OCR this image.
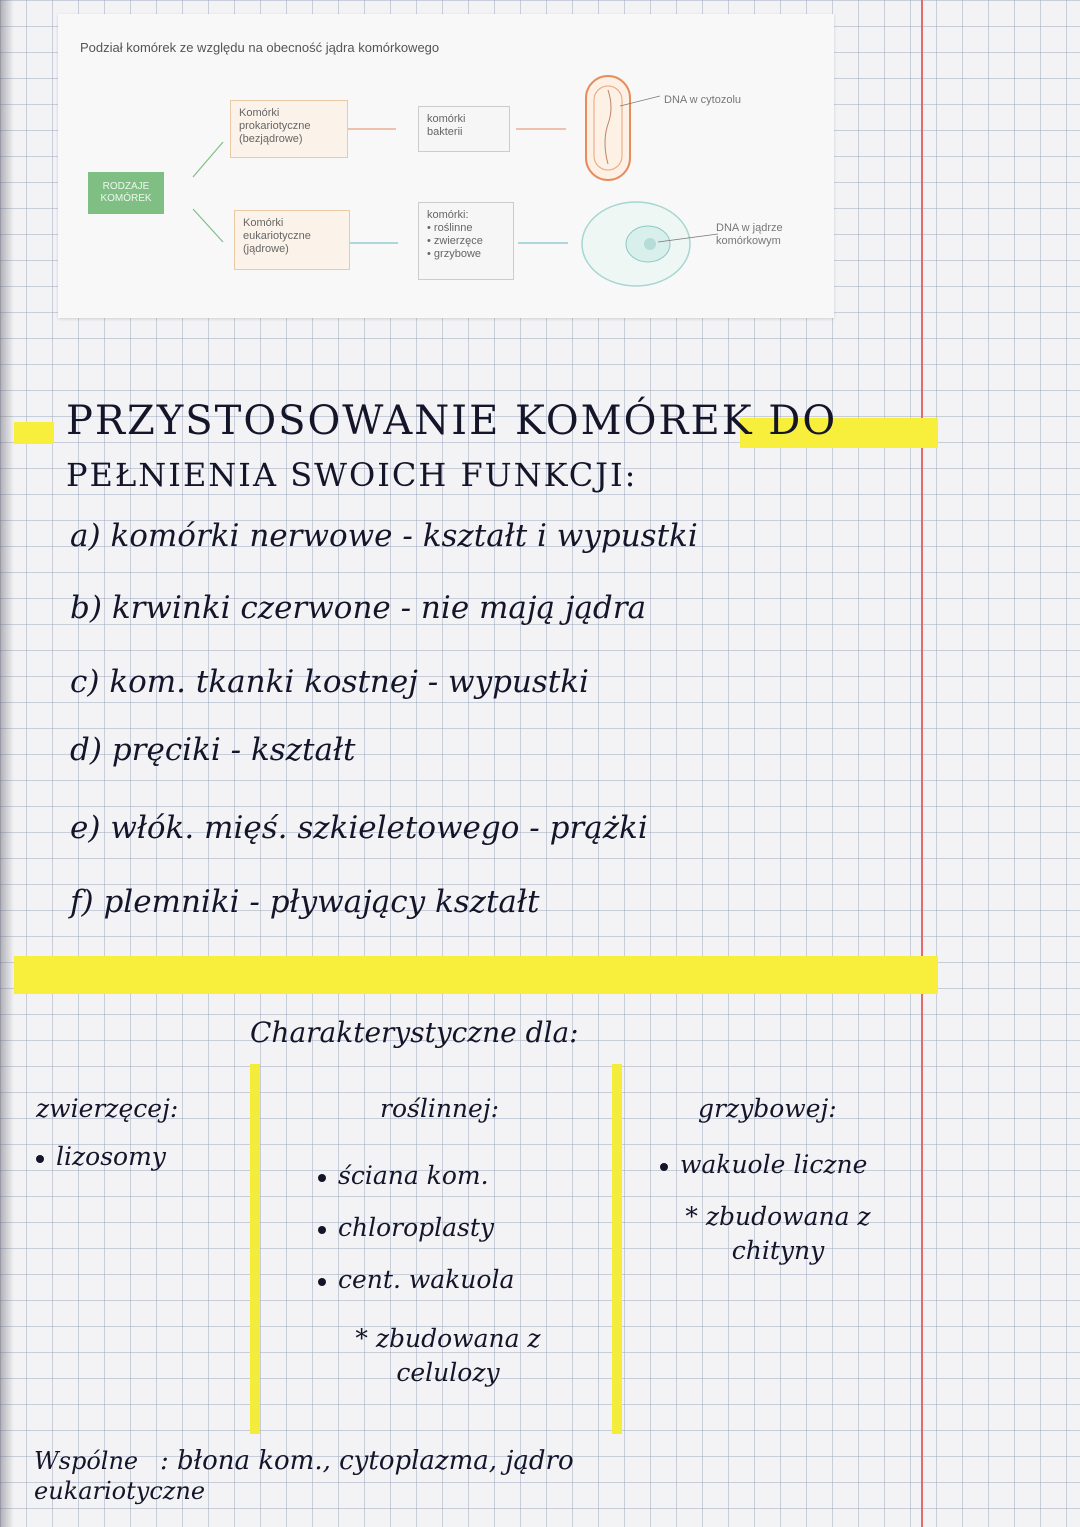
Podział komórek ze względu na obecność jądra komórkowego
RODZAJE KOMÓREK
Komórki prokariotyczne (bezjądrowe)
Komórki eukariotyczne (jądrowe)
komórki bakterii
komórki:
• roślinne
• zwierzęce
• grzybowe
DNA w cytozolu
DNA w jądrze komórkowym
PRZYSTOSOWANIE KOMÓREK DO
PEŁNIENIA SWOICH FUNKCJI:
a) komórki nerwowe - kształt i wypustki
b) krwinki czerwone - nie mają jądra
c) kom. tkanki kostnej - wypustki
d) pręciki - kształt
e) włók. mięś. szkieletowego - prążki
f) plemniki - pływający kształt
Charakterystyczne dla:
zwierzęcej:
lizosomy
roślinnej:
ściana kom.
chloroplasty
cent. wakuola
* zbudowana z celulozy
grzybowej:
wakuole liczne
* zbudowana z chityny
Wspólne eukariotyczne
: błona kom., cytoplazma, jądro
